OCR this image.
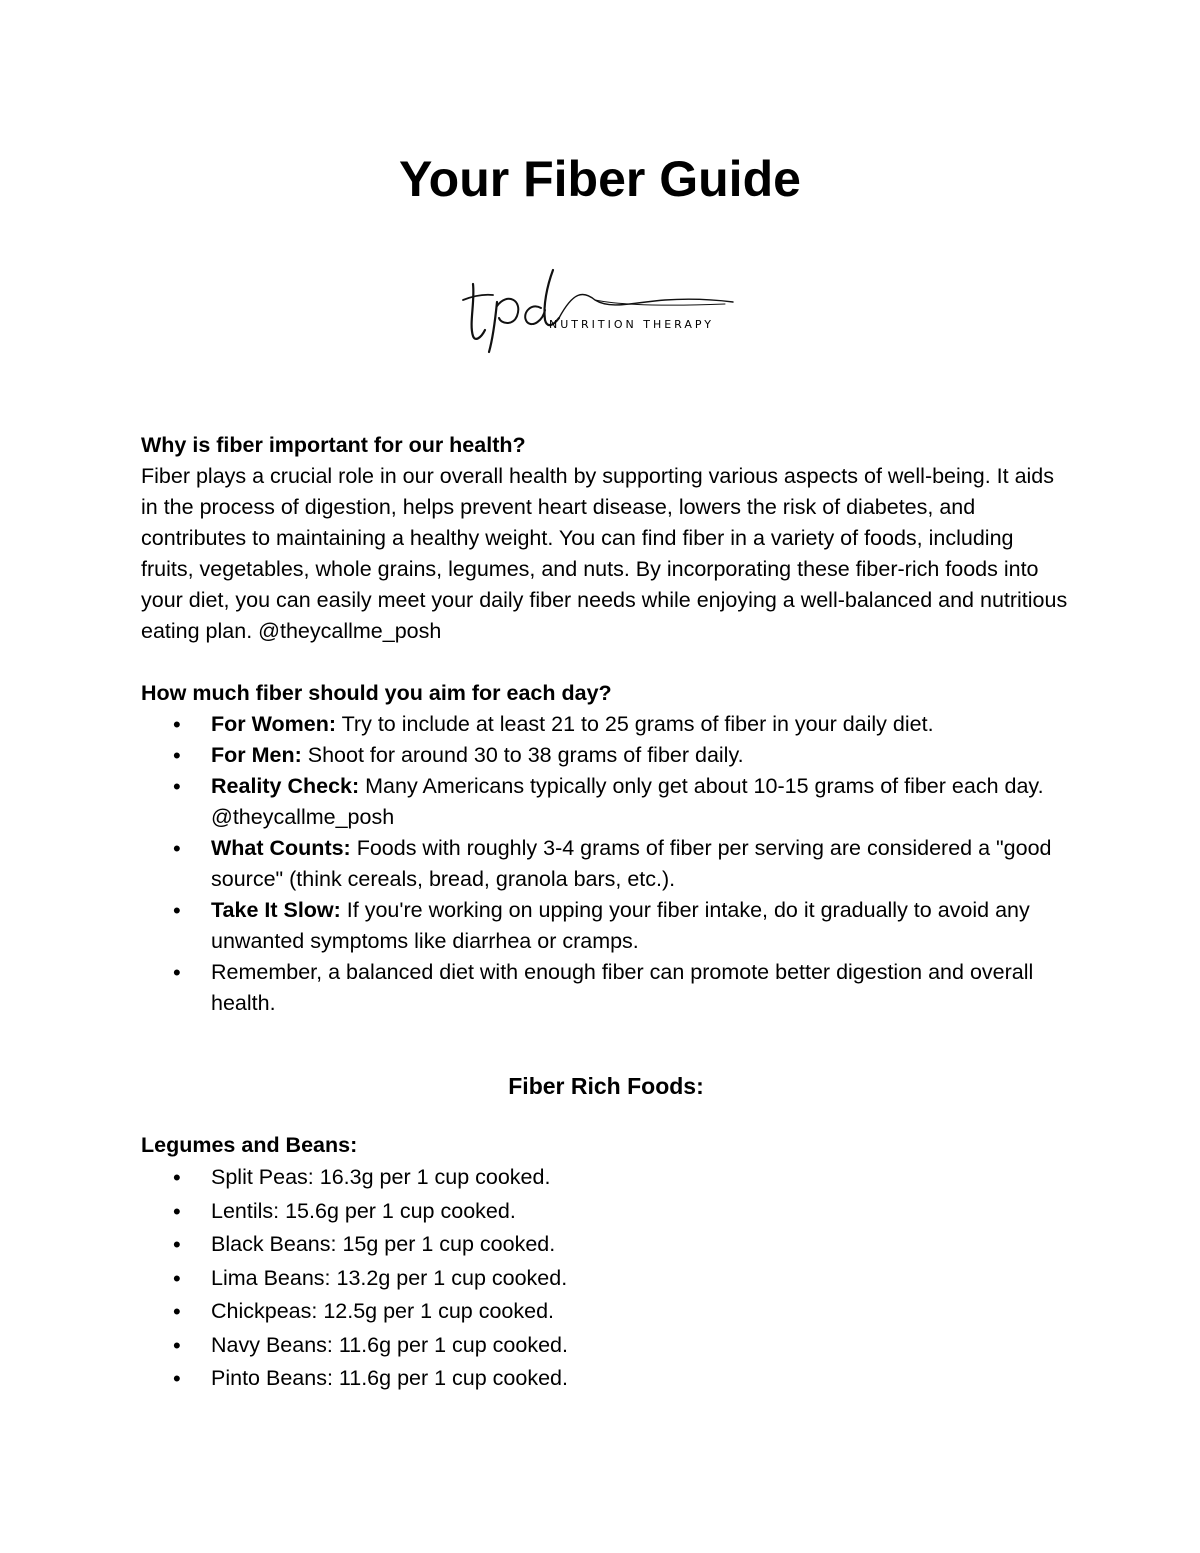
Your Fiber Guide
NUTRITION THERAPY

Why is fiber important for our health?

Fiber plays a crucial role in our overall health by supporting various aspects of well-being. It aids in the process of digestion, helps prevent heart disease, lowers the risk of diabetes, and contributes to maintaining a healthy weight. You can find fiber in a variety of foods, including fruits, vegetables, whole grains, legumes, and nuts. By incorporating these fiber-rich foods into your diet, you can easily meet your daily fiber needs while enjoying a well-balanced and nutritious eating plan. @theycallme_posh

How much fiber should you aim for each day?

• For Women: Try to include at least 21 to 25 grams of fiber in your daily diet.
• For Men: Shoot for around 30 to 38 grams of fiber daily.
• Reality Check: Many Americans typically only get about 10-15 grams of fiber each day. @theycallme_posh
• What Counts: Foods with roughly 3-4 grams of fiber per serving are considered a "good source" (think cereals, bread, granola bars, etc.).
• Take It Slow: If you're working on upping your fiber intake, do it gradually to avoid any unwanted symptoms like diarrhea or cramps.
• Remember, a balanced diet with enough fiber can promote better digestion and overall health.

Fiber Rich Foods:

Legumes and Beans:

• Split Peas: 16.3g per 1 cup cooked.
• Lentils: 15.6g per 1 cup cooked.
• Black Beans: 15g per 1 cup cooked.
• Lima Beans: 13.2g per 1 cup cooked.
• Chickpeas: 12.5g per 1 cup cooked.
• Navy Beans: 11.6g per 1 cup cooked.
• Pinto Beans: 11.6g per 1 cup cooked.
